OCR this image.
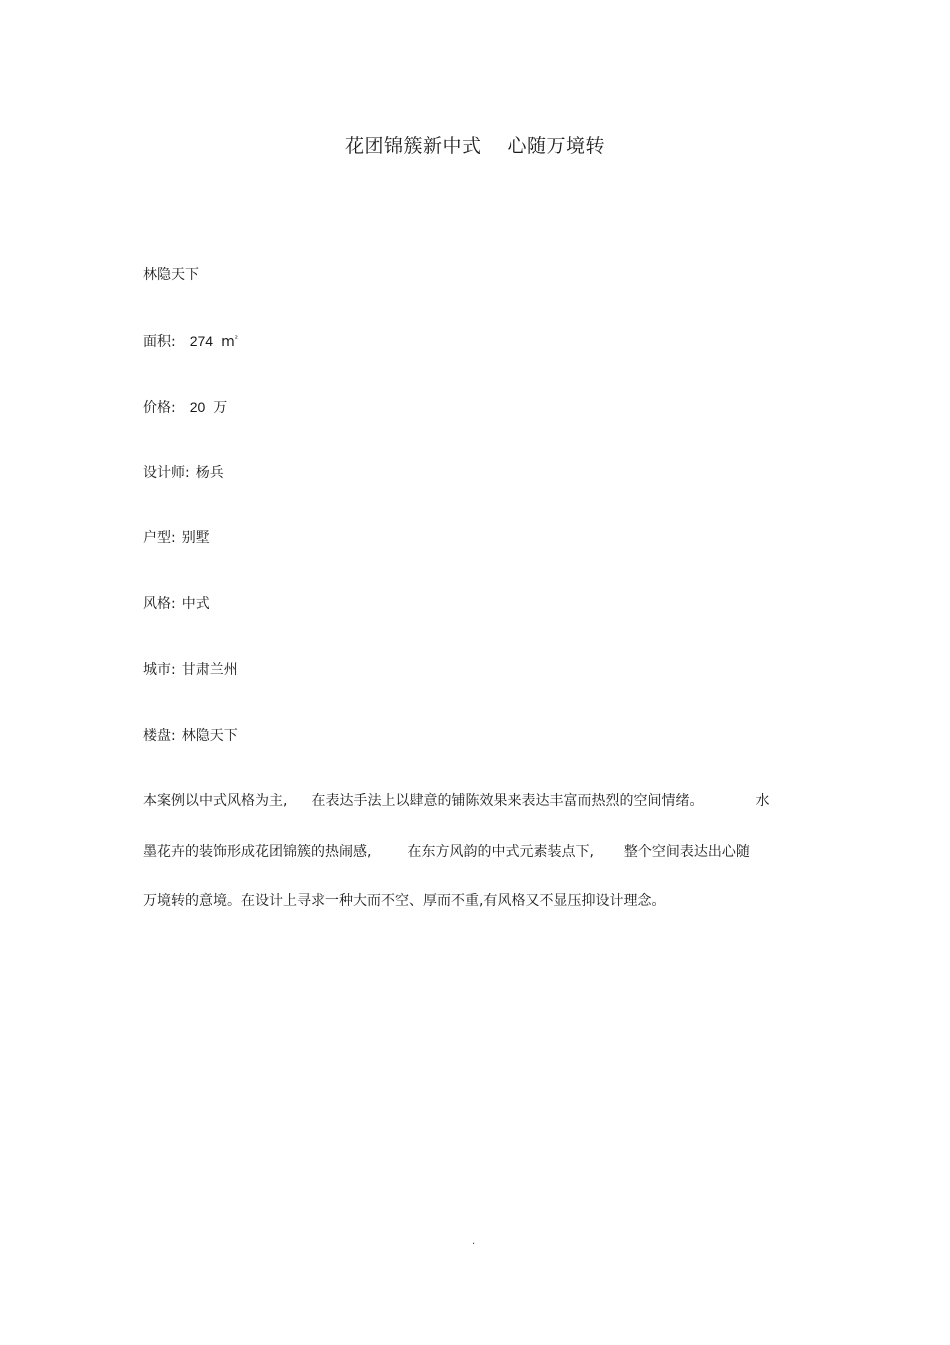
花团锦簇新中式 心随万境转
林隐天下
面积: 274 $m^{^2}$
价格: 20 万
设计师: 杨兵
户型: 别墅
风格: 中式
城市: 甘肃兰州
楼盘: 林隐天下
本案例以中式风格为主, 在表达手法上以肆意的铺陈效果来表达丰富而热烈的空间情绪。	水
墨花卉的装饰形成花团锦簇的热闹感,	在东方风韵的中式元素装点下, 整个空间表达出心随
万境转的意境。在设计上寻求一种大而不空、厚而不重,有风格又不显压抑设计理念。
.
